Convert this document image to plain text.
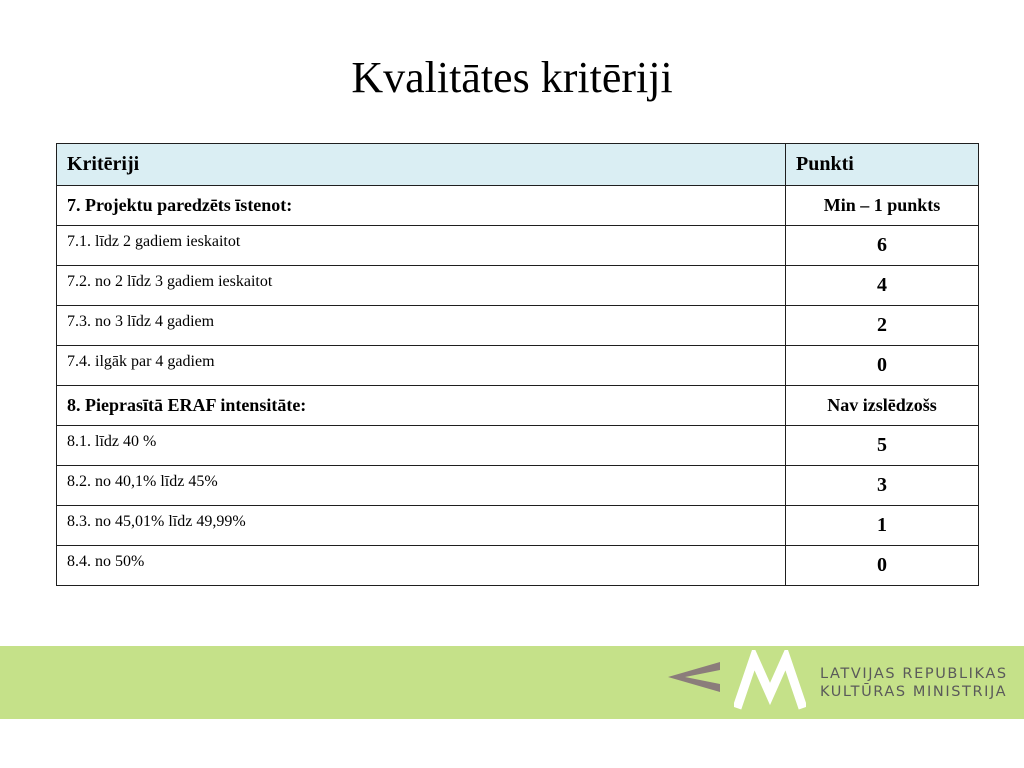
Kvalitātes kritēriji
Kritēriji	Punkti
7. Projektu paredzēts īstenot:	Min – 1 punkts
7.1. līdz 2 gadiem ieskaitot	6
7.2. no 2 līdz 3 gadiem ieskaitot	4
7.3. no 3 līdz 4 gadiem	2
7.4. ilgāk par 4 gadiem	0
8. Pieprasītā ERAF intensitāte:	Nav izslēdzošs
8.1. līdz 40 %	5
8.2. no 40,1% līdz 45%	3
8.3. no 45,01% līdz 49,99%	1
8.4. no 50%	0
LATVIJAS REPUBLIKAS
KULTŪRAS MINISTRIJA
